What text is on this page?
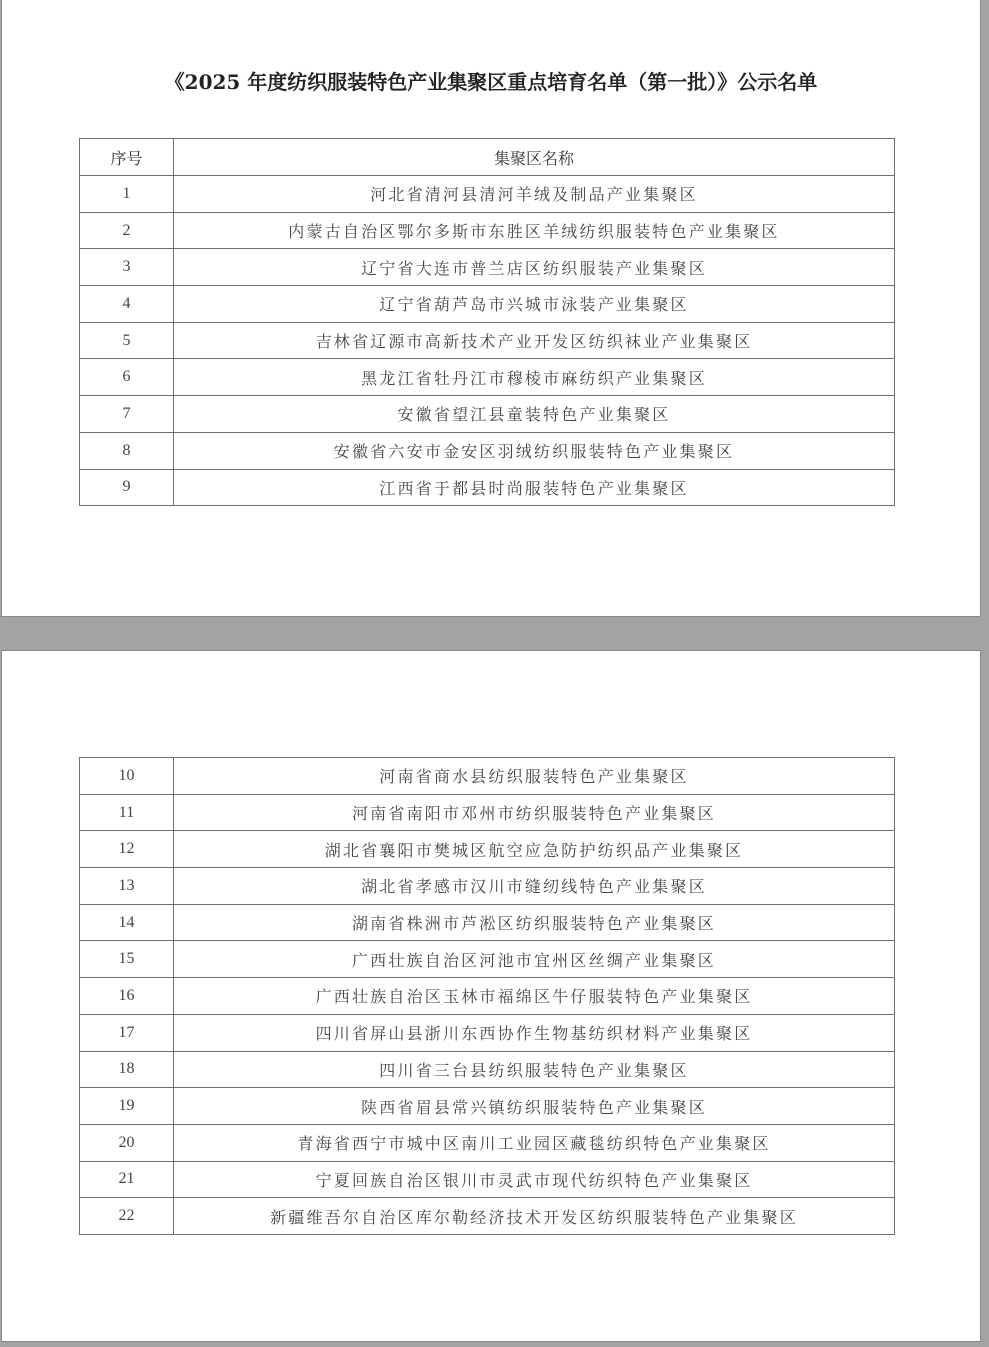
《2025 年度纺织服装特色产业集聚区重点培育名单（第一批）》公示名单
序号	集聚区名称
1	河北省清河县清河羊绒及制品产业集聚区
2	内蒙古自治区鄂尔多斯市东胜区羊绒纺织服装特色产业集聚区
3	辽宁省大连市普兰店区纺织服装产业集聚区
4	辽宁省葫芦岛市兴城市泳装产业集聚区
5	吉林省辽源市高新技术产业开发区纺织袜业产业集聚区
6	黑龙江省牡丹江市穆棱市麻纺织产业集聚区
7	安徽省望江县童装特色产业集聚区
8	安徽省六安市金安区羽绒纺织服装特色产业集聚区
9	江西省于都县时尚服装特色产业集聚区
10	河南省商水县纺织服装特色产业集聚区
11	河南省南阳市邓州市纺织服装特色产业集聚区
12	湖北省襄阳市樊城区航空应急防护纺织品产业集聚区
13	湖北省孝感市汉川市缝纫线特色产业集聚区
14	湖南省株洲市芦淞区纺织服装特色产业集聚区
15	广西壮族自治区河池市宜州区丝绸产业集聚区
16	广西壮族自治区玉林市福绵区牛仔服装特色产业集聚区
17	四川省屏山县浙川东西协作生物基纺织材料产业集聚区
18	四川省三台县纺织服装特色产业集聚区
19	陕西省眉县常兴镇纺织服装特色产业集聚区
20	青海省西宁市城中区南川工业园区藏毯纺织特色产业集聚区
21	宁夏回族自治区银川市灵武市现代纺织特色产业集聚区
22	新疆维吾尔自治区库尔勒经济技术开发区纺织服装特色产业集聚区
